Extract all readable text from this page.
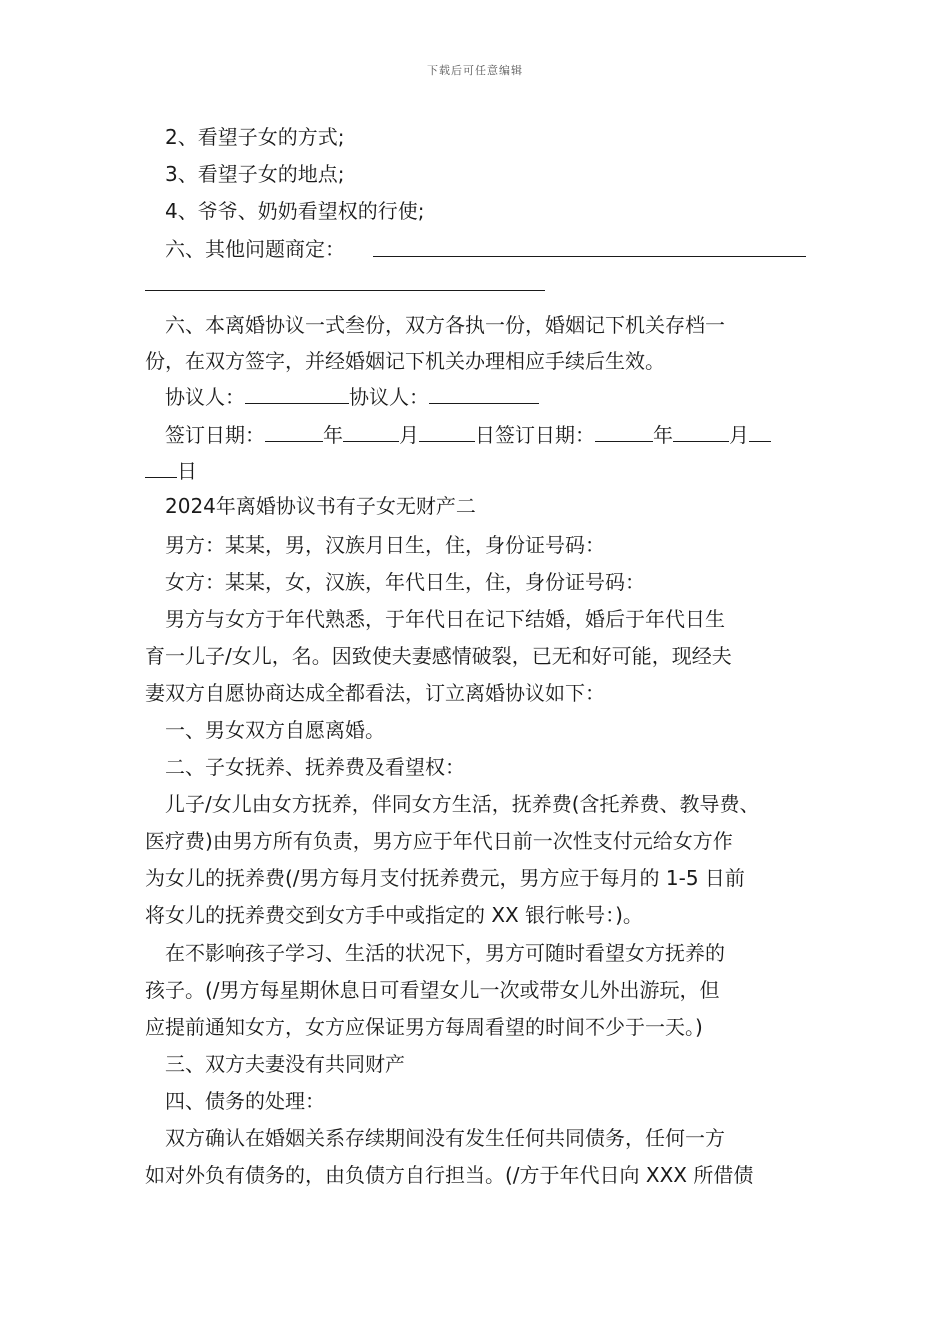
下载后可任意编辑
2、看望子女的方式;
3、看望子女的地点;
4、爷爷、奶奶看望权的行使;
六、其他问题商定：
六、本离婚协议一式叁份，双方各执一份，婚姻记下机关存档一
份，在双方签字，并经婚姻记下机关办理相应手续后生效。
协议人：	协议人：
签订日期：	年	月	日签订日期：	年	月
日
2024年离婚协议书有子女无财产二
男方：某某，男，汉族月日生，住，身份证号码：
女方：某某，女，汉族，年代日生，住，身份证号码：
男方与女方于年代熟悉，于年代日在记下结婚，婚后于年代日生
育一儿子/女儿，名。因致使夫妻感情破裂，已无和好可能，现经夫
妻双方自愿协商达成全都看法，订立离婚协议如下：
一、男女双方自愿离婚。
二、子女抚养、抚养费及看望权：
儿子/女儿由女方抚养，伴同女方生活，抚养费(含托养费、教导费、
医疗费)由男方所有负责，男方应于年代日前一次性支付元给女方作
为女儿的抚养费(/男方每月支付抚养费元，男方应于每月的 1-5 日前
将女儿的抚养费交到女方手中或指定的 XX 银行帐号：)。
在不影响孩子学习、生活的状况下，男方可随时看望女方抚养的
孩子。(/男方每星期休息日可看望女儿一次或带女儿外出游玩，但
应提前通知女方，女方应保证男方每周看望的时间不少于一天。)
三、双方夫妻没有共同财产
四、债务的处理：
双方确认在婚姻关系存续期间没有发生任何共同债务，任何一方
如对外负有债务的，由负债方自行担当。(/方于年代日向 XXX 所借债
